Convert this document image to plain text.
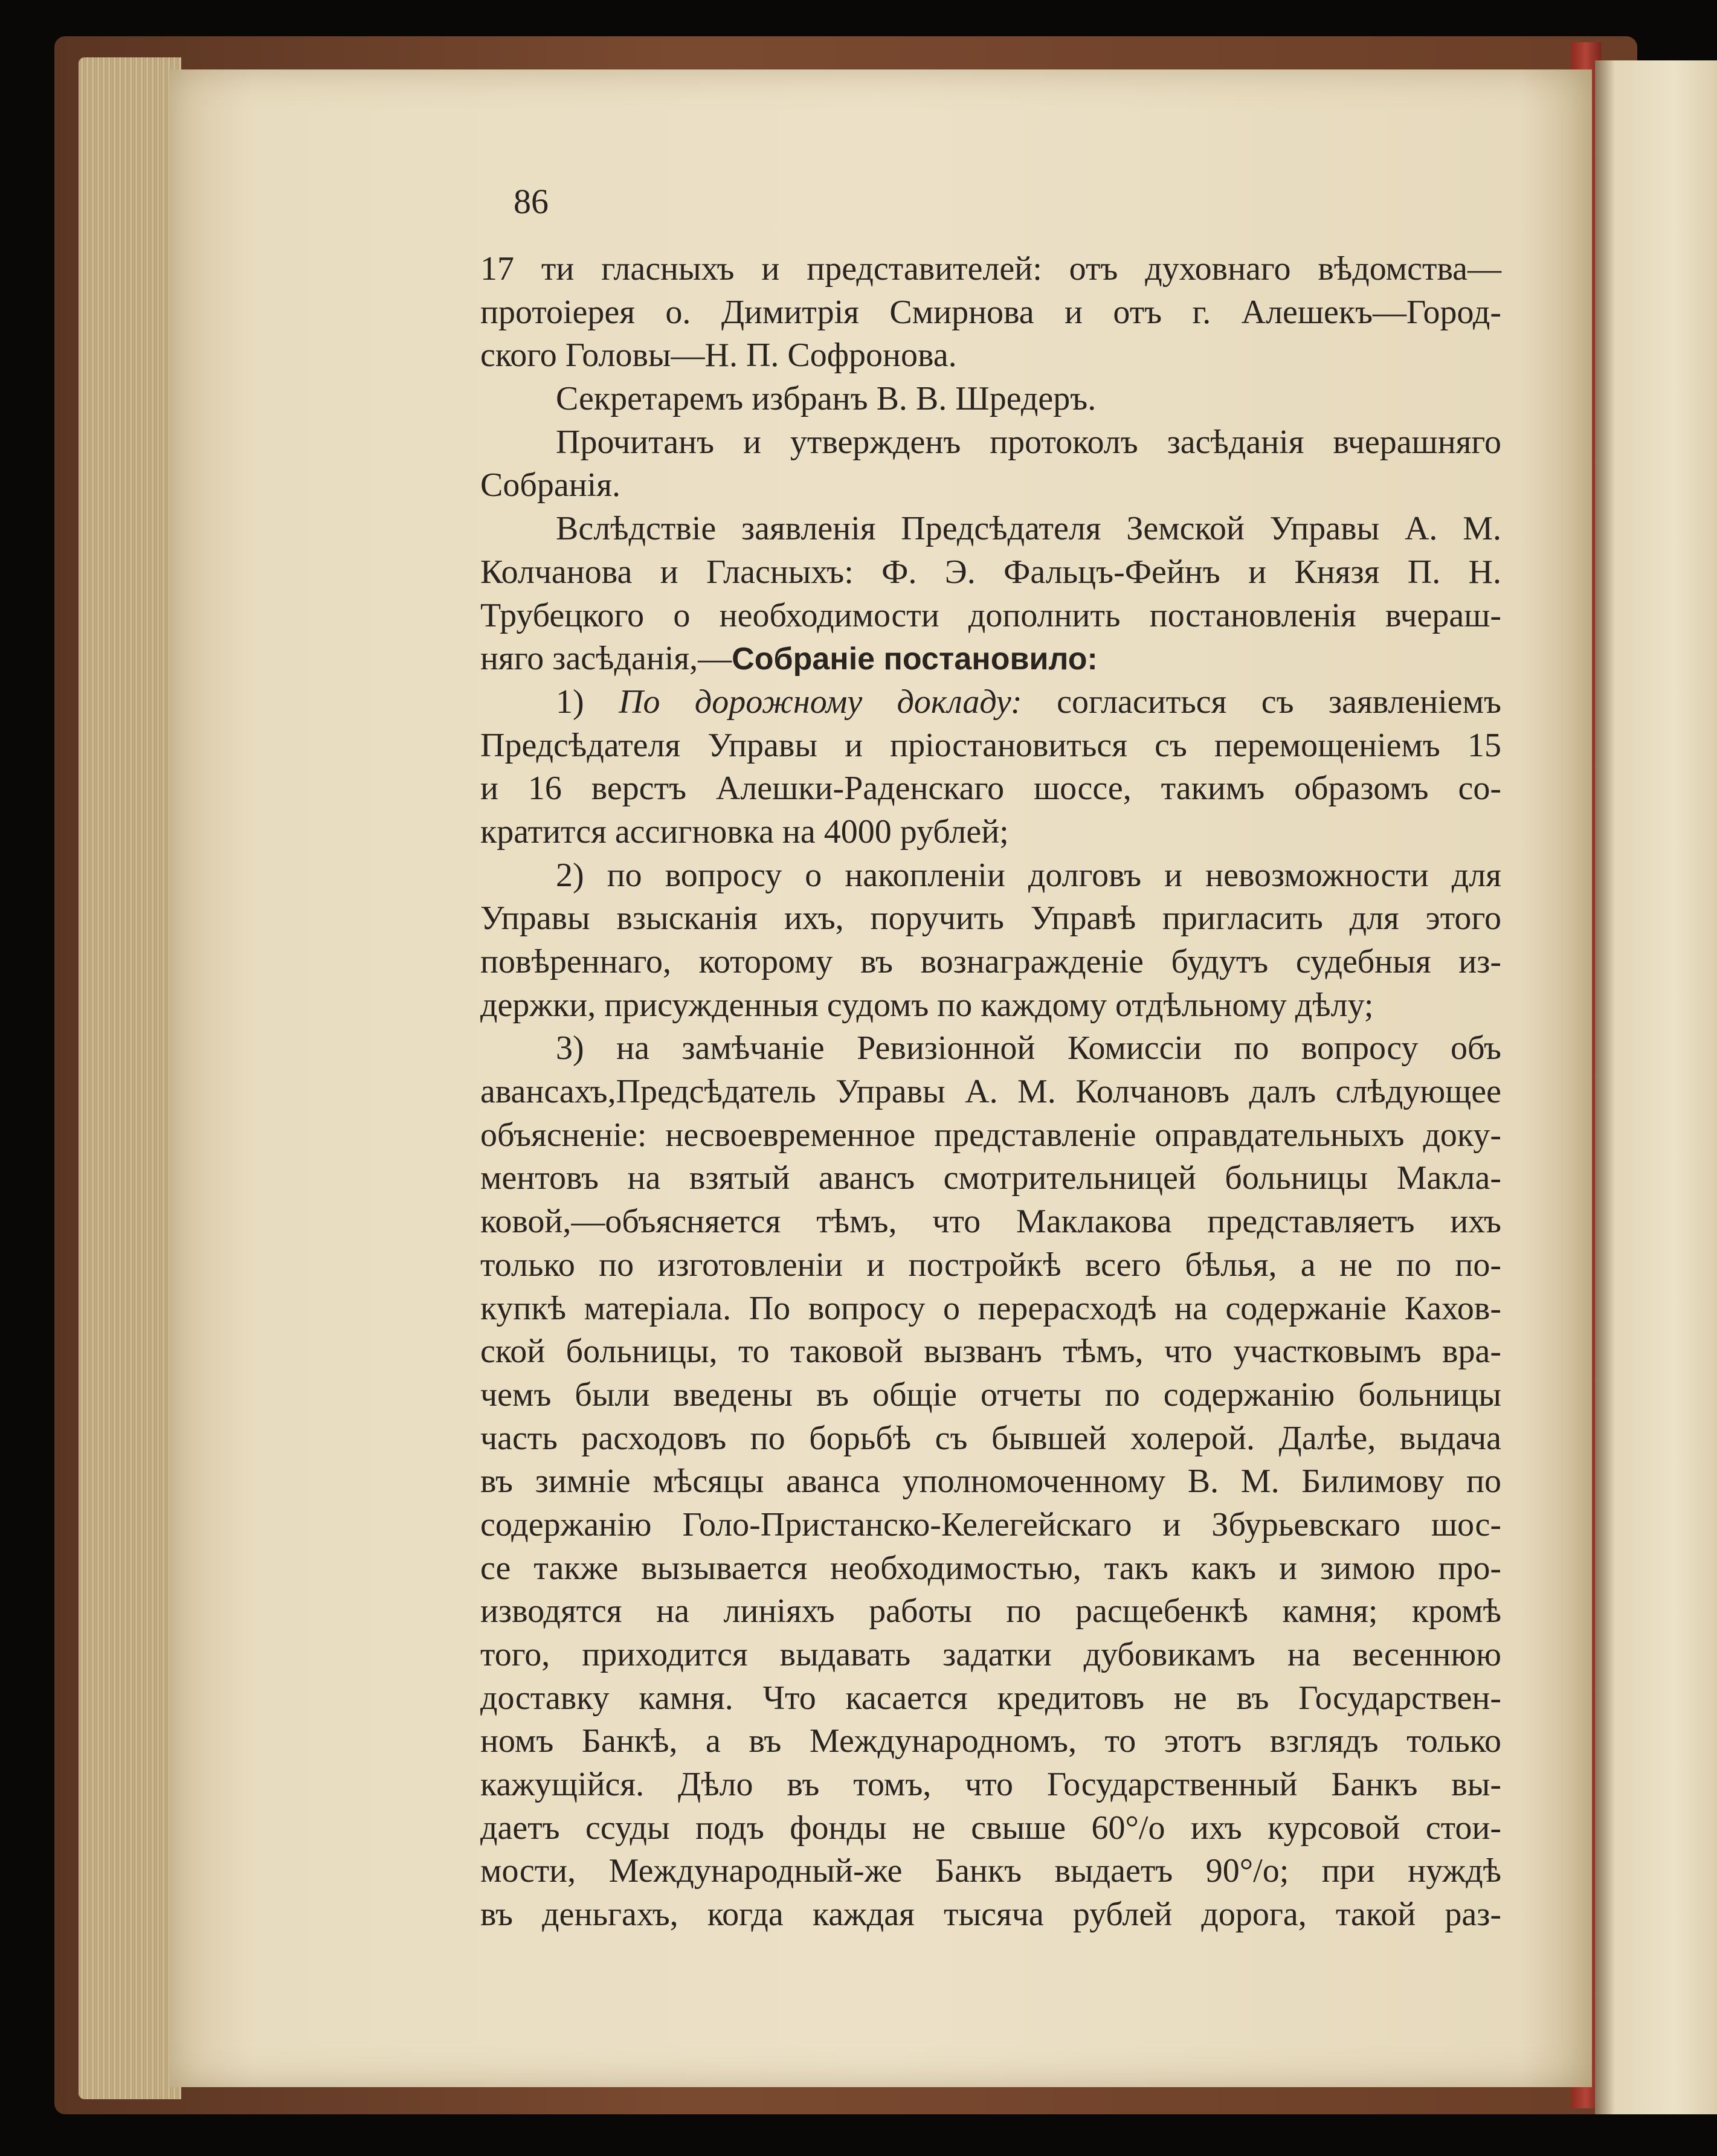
86
17 ти гласныхъ и представителей: отъ духовнаго вѣдомства—
протоіерея о. Димитрія Смирнова и отъ г. Алешекъ—Город-
ского Головы—Н. П. Софронова.
Секретаремъ избранъ В. В. Шредеръ.
Прочитанъ и утвержденъ протоколъ засѣданія вчерашняго
Собранія.
Вслѣдствіе заявленія Предсѣдателя Земской Управы А. М.
Колчанова и Гласныхъ: Ф. Э. Фальцъ-Фейнъ и Князя П. Н.
Трубецкого о необходимости дополнить постановленія вчераш-
няго засѣданія,—Собраніе постановило:
1) По дорожному докладу: согласиться съ заявленіемъ
Предсѣдателя Управы и пріостановиться съ перемощеніемъ 15
и 16 верстъ Алешки-Раденскаго шоссе, такимъ образомъ со-
кратится ассигновка на 4000 рублей;
2) по вопросу о накопленіи долговъ и невозможности для
Управы взысканія ихъ, поручить Управѣ пригласить для этого
повѣреннаго, которому въ вознагражденіе будутъ судебныя из-
держки, присужденныя судомъ по каждому отдѣльному дѣлу;
3) на замѣчаніе Ревизіонной Комиссіи по вопросу объ
авансахъ,Предсѣдатель Управы А. М. Колчановъ далъ слѣдующее
объясненіе: несвоевременное представленіе оправдательныхъ доку-
ментовъ на взятый авансъ смотрительницей больницы Макла-
ковой,—объясняется тѣмъ, что Маклакова представляетъ ихъ
только по изготовленіи и постройкѣ всего бѣлья, а не по по-
купкѣ матеріала. По вопросу о перерасходѣ на содержаніе Кахов-
ской больницы, то таковой вызванъ тѣмъ, что участковымъ вра-
чемъ были введены въ общіе отчеты по содержанію больницы
часть расходовъ по борьбѣ съ бывшей холерой. Далѣе, выдача
въ зимніе мѣсяцы аванса уполномоченному В. М. Билимову по
содержанію Голо-Пристанско-Келегейскаго и Збурьевскаго шос-
се также вызывается необходимостью, такъ какъ и зимою про-
изводятся на линіяхъ работы по расщебенкѣ камня; кромѣ
того, приходится выдавать задатки дубовикамъ на весеннюю
доставку камня. Что касается кредитовъ не въ Государствен-
номъ Банкѣ, а въ Международномъ, то этотъ взглядъ только
кажущійся. Дѣло въ томъ, что Государственный Банкъ вы-
даетъ ссуды подъ фонды не свыше 60°/о ихъ курсовой стои-
мости, Международный-же Банкъ выдаетъ 90°/о; при нуждѣ
въ деньгахъ, когда каждая тысяча рублей дорога, такой раз-
